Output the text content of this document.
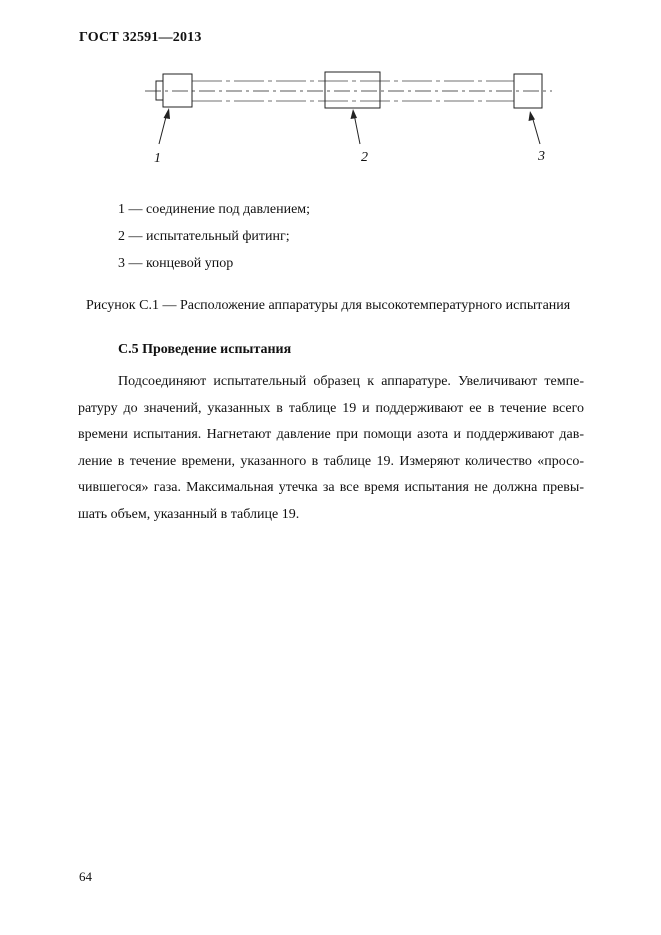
ГОСТ 32591—2013
1	2	3
1 — соединение под давлением;
2 — испытательный фитинг;
3 — концевой упор
Рисунок С.1 — Расположение аппаратуры для высокотемпературного испытания
С.5 Проведение испытания

Подсоединяют испытательный образец к аппаратуре. Увеличивают температуру до значений, указанных в таблице 19 и поддерживают ее в течение всего времени испытания. Нагнетают давление при помощи азота и поддерживают давление в течение времени, указанного в таблице 19. Измеряют количество «просочившегося» газа. Максимальная утечка за все время испытания не должна превышать объем, указанный в таблице 19.

64
